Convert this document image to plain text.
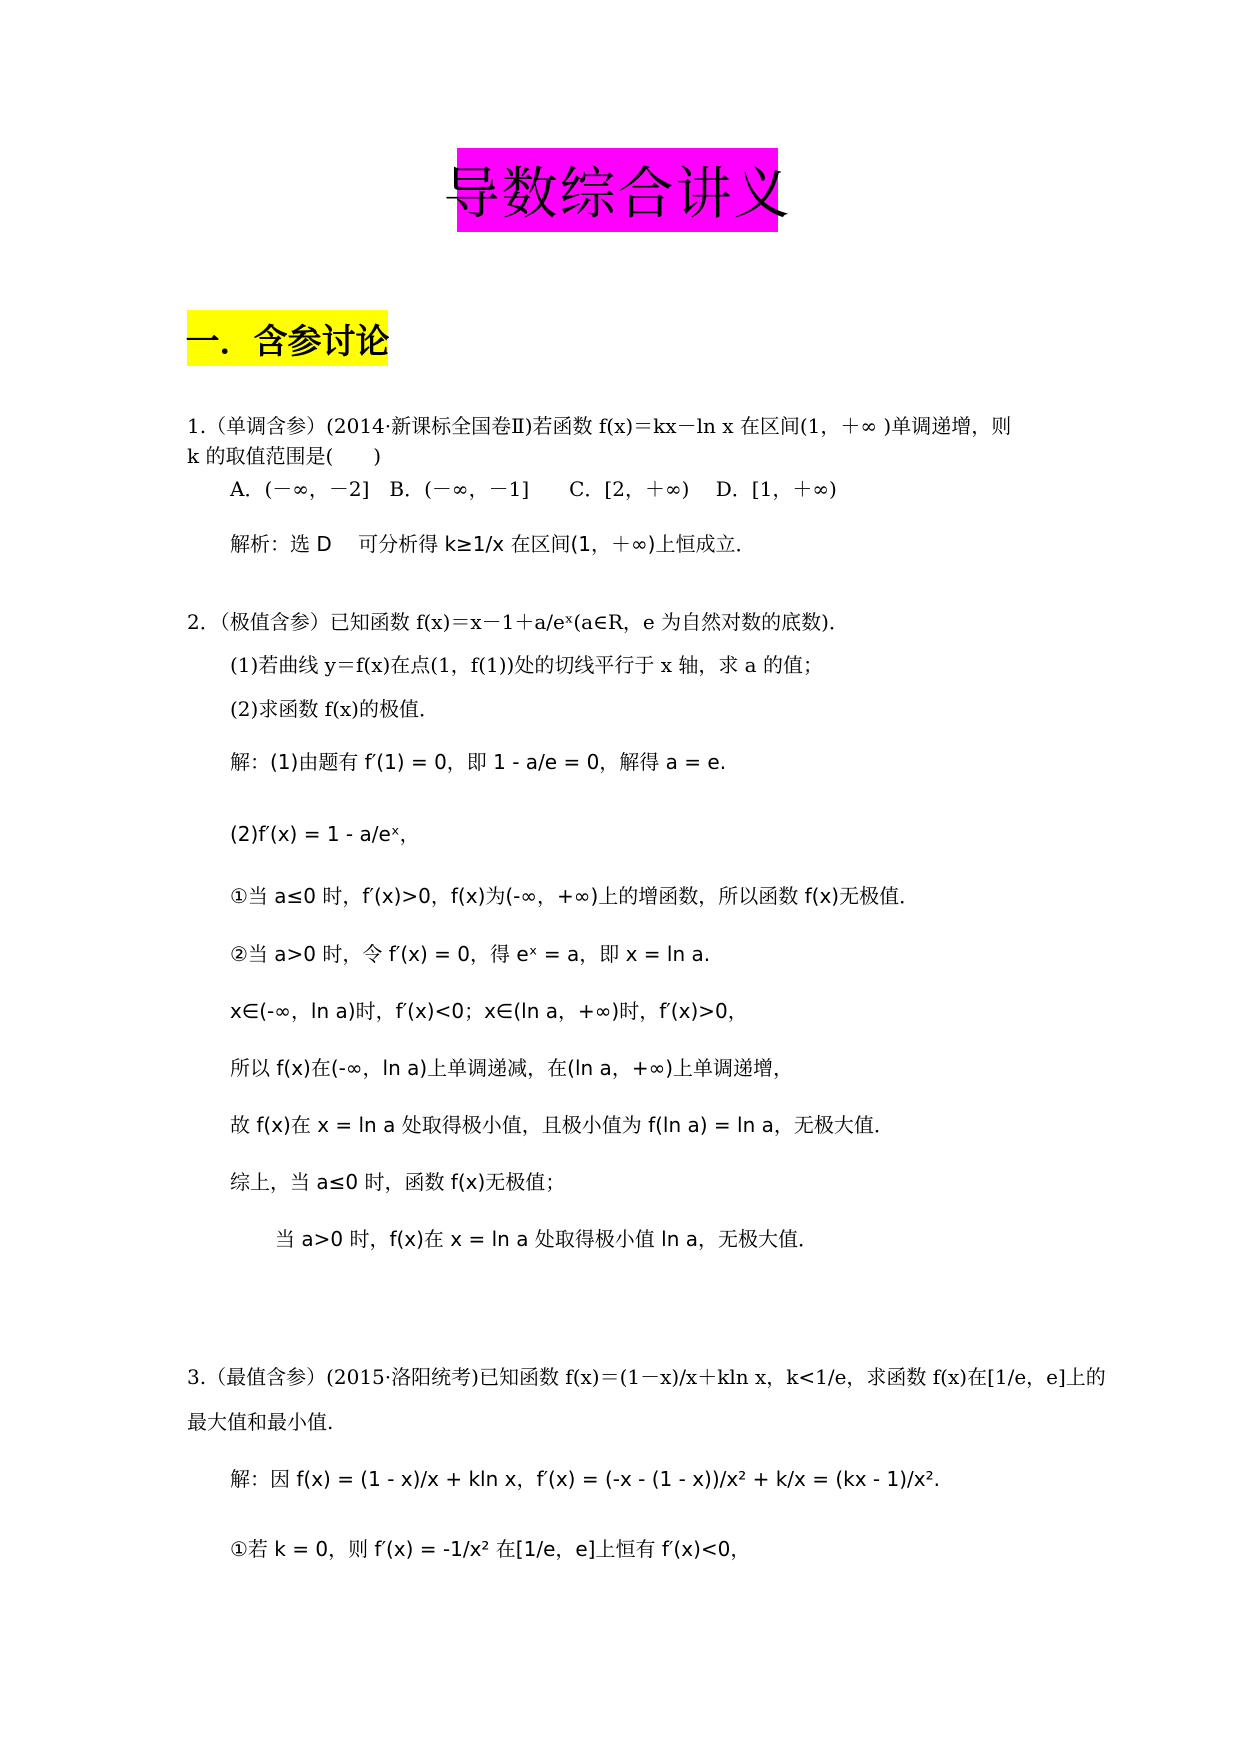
导数综合讲义
一．含参讨论
1.（单调含参）(2014·新课标全国卷Ⅱ)若函数 f(x)＝kx－ln x 在区间(1，＋∞ )单调递增，则
k 的取值范围是(　　)
A．(－∞，－2]　B．(－∞，－1]　　C．[2，＋∞)　 D．[1，＋∞)
解析：选 D　 可分析得 k≥1/x 在区间(1，＋∞)上恒成立．
2．（极值含参）已知函数 f(x)＝x－1＋a/eˣ(a∈R，e 为自然对数的底数)．
(1)若曲线 y＝f(x)在点(1，f(1))处的切线平行于 x 轴，求 a 的值；
(2)求函数 f(x)的极值．
解：(1)由题有 f′(1) = 0，即 1 - a/e = 0，解得 a = e.
(2)f′(x) = 1 - a/eˣ，
①当 a≤0 时，f′(x)>0，f(x)为(-∞，+∞)上的增函数，所以函数 f(x)无极值．
②当 a>0 时，令 f′(x) = 0，得 eˣ = a，即 x = ln a.
x∈(-∞，ln a)时，f′(x)<0；x∈(ln a，+∞)时，f′(x)>0，
所以 f(x)在(-∞，ln a)上单调递减，在(ln a，+∞)上单调递增，
故 f(x)在 x = ln a 处取得极小值，且极小值为 f(ln a) = ln a，无极大值．
综上，当 a≤0 时，函数 f(x)无极值；
当 a>0 时，f(x)在 x = ln a 处取得极小值 ln a，无极大值．
3.（最值含参）(2015·洛阳统考)已知函数 f(x)＝(1－x)/x＋kln x，k<1/e，求函数 f(x)在[1/e，e]上的
最大值和最小值.
解：因 f(x) = (1 - x)/x + kln x，f′(x) = (-x - (1 - x))/x² + k/x = (kx - 1)/x².
①若 k = 0，则 f′(x) = -1/x² 在[1/e，e]上恒有 f′(x)<0，
